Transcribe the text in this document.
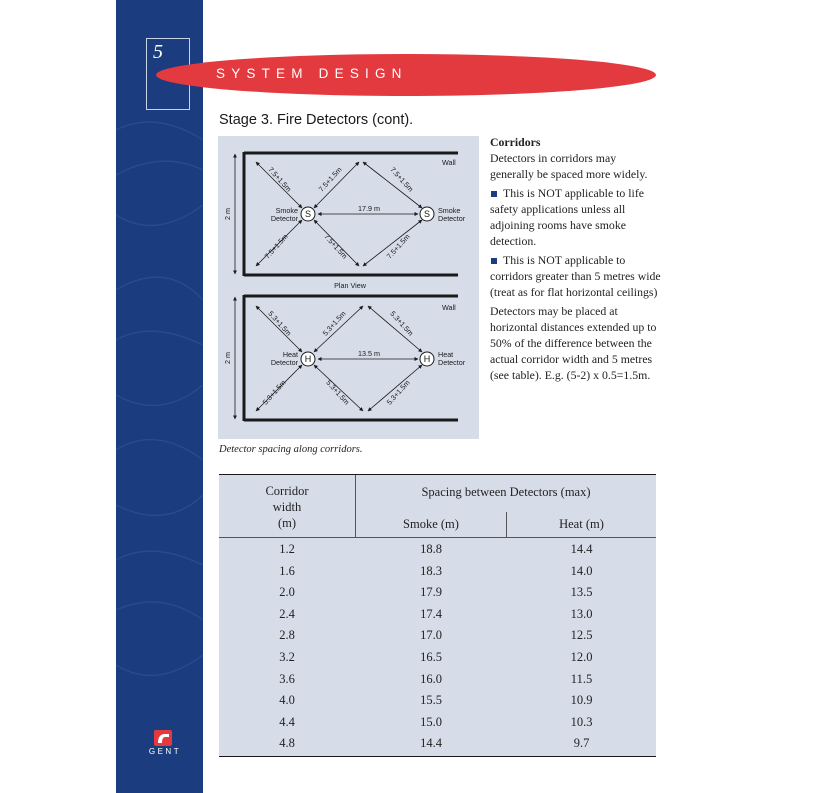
5
SYSTEM DESIGN
Stage 3. Fire Detectors (cont).
2 m
Wall
7.5+1.5m
7.5+1.5m
7.5+1.5m
7.5+1.5m
7.5+1.5m
7.5+1.5m
17.9 m
S	S
Smoke
Detector
Smoke
Detector
Plan View
2 m
Wall
5.3+1.5m
5.3+1.5m
5.3+1.5m
5.3+1.5m
5.3+1.5m
5.3+1.5m
13.5 m
H	H
Heat
Detector
Heat
Detector
Detector spacing along corridors.

Corridors

Detectors in corridors may generally be spaced more widely.

This is NOT applicable to life safety applications unless all adjoining rooms have smoke detection.

This is NOT applicable to corridors greater than 5 metres wide (treat as for flat horizontal ceilings)

Detectors may be placed at horizontal distances extended up to 50% of the difference between the actual corridor width and 5 metres (see table). E.g. (5-2) x 0.5=1.5m.

Corridor
width
(m)
Spacing between Detectors (max)
Smoke (m)	Heat (m)
1.2	18.8	14.4
1.6	18.3	14.0
2.0	17.9	13.5
2.4	17.4	13.0
2.8	17.0	12.5
3.2	16.5	12.0
3.6	16.0	11.5
4.0	15.5	10.9
4.4	15.0	10.3
4.8	14.4	9.7
GENT
